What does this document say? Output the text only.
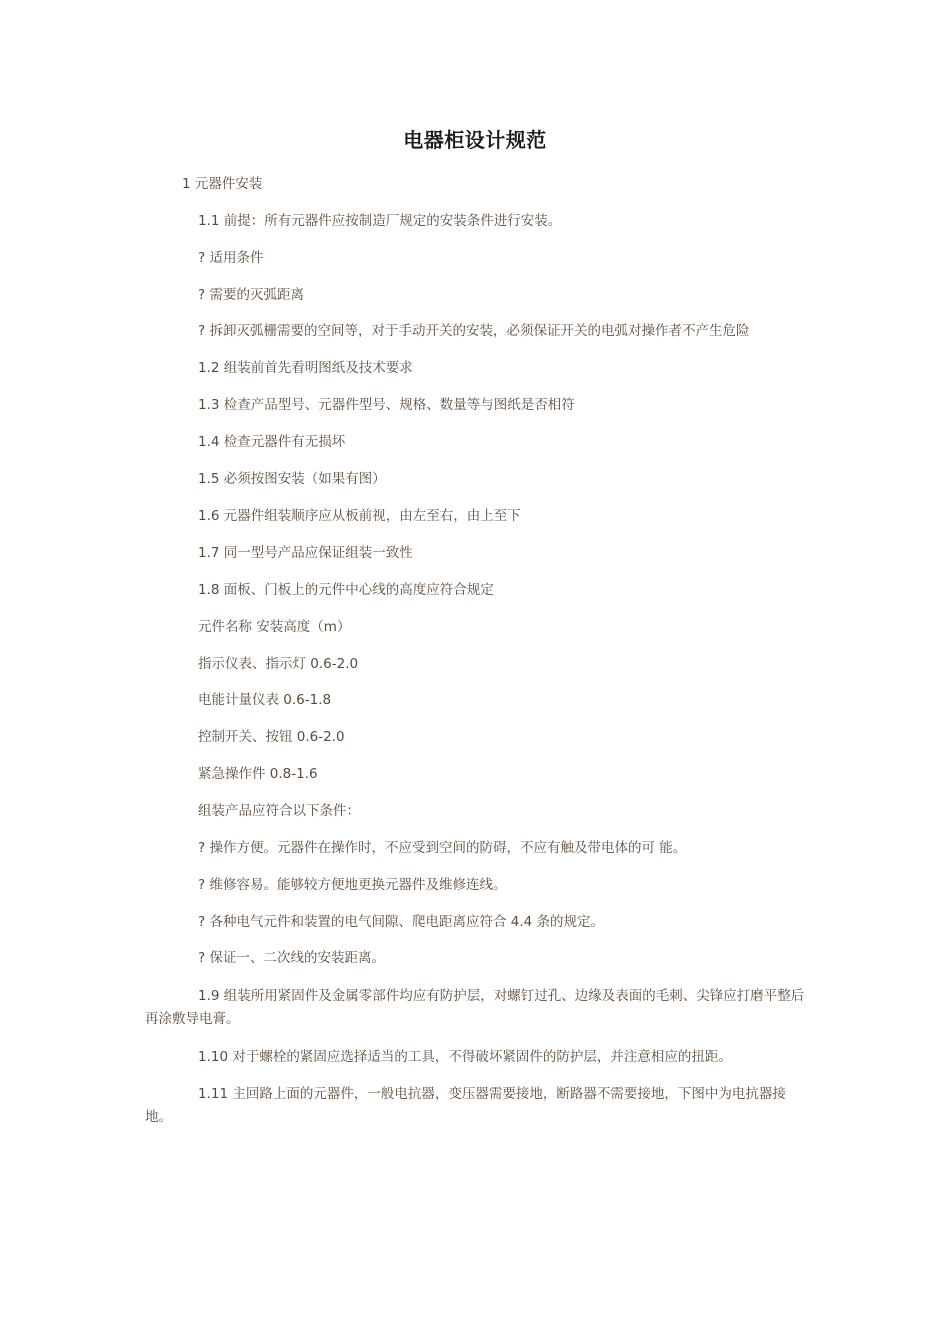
电器柜设计规范
1 元器件安装
1.1 前提：所有元器件应按制造厂规定的安装条件进行安装。
? 适用条件
? 需要的灭弧距离
? 拆卸灭弧栅需要的空间等，对于手动开关的安装，必须保证开关的电弧对操作者不产生危险
1.2 组装前首先看明图纸及技术要求
1.3 检查产品型号、元器件型号、规格、数量等与图纸是否相符
1.4 检查元器件有无损坏
1.5 必须按图安装（如果有图）
1.6 元器件组装顺序应从板前视，由左至右，由上至下
1.7 同一型号产品应保证组装一致性
1.8 面板、门板上的元件中心线的高度应符合规定
元件名称 安装高度（m）
指示仪表、指示灯 0.6-2.0
电能计量仪表 0.6-1.8
控制开关、按钮 0.6-2.0
紧急操作件 0.8-1.6
组装产品应符合以下条件：
? 操作方便。元器件在操作时，不应受到空间的防碍，不应有触及带电体的可 能。
? 维修容易。能够较方便地更换元器件及维修连线。
? 各种电气元件和装置的电气间隙、爬电距离应符合 4.4 条的规定。
? 保证一、二次线的安装距离。
1.9 组装所用紧固件及金属零部件均应有防护层，对螺钉过孔、边缘及表面的毛刺、尖锋应打磨平整后再涂敷导电膏。
1.10 对于螺栓的紧固应选择适当的工具，不得破坏紧固件的防护层，并注意相应的扭距。
1.11 主回路上面的元器件，一般电抗器，变压器需要接地，断路器不需要接地，下图中为电抗器接地。
